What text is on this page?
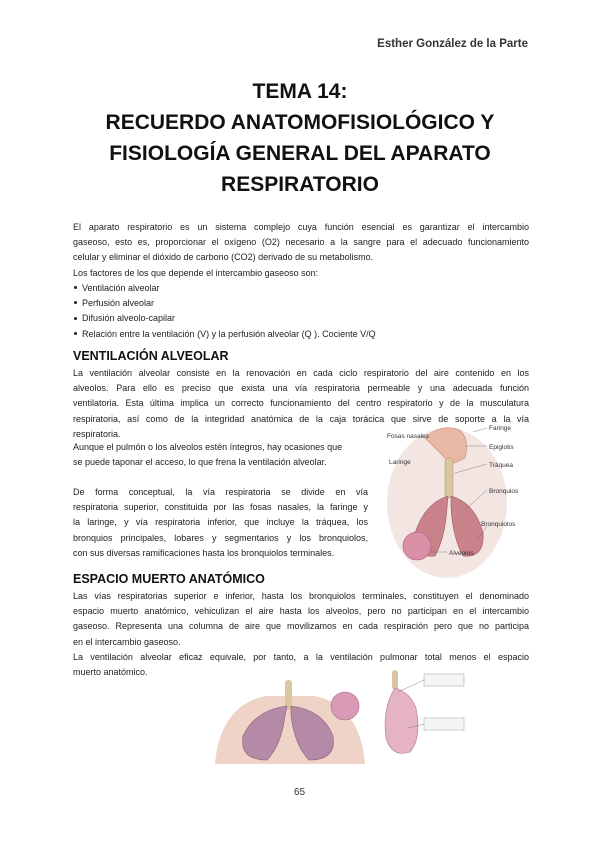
Esther González de la Parte
TEMA 14:
RECUERDO ANATOMOFISIOLÓGICO Y
FISIOLOGÍA GENERAL DEL APARATO
RESPIRATORIO
El aparato respiratorio es un sistema complejo cuya función esencial es garantizar el intercambio
gaseoso, esto es, proporcionar el oxígeno (O2) necesario a la sangre para el adecuado funcionamiento
celular y eliminar el dióxido de carbono (CO2) derivado de su metabolismo.
Los factores de los que depende el intercambio gaseoso son:
Ventilación alveolar
Perfusión alveolar
Difusión alveolo-capilar
Relación entre la ventilación (V) y la perfusión alveolar (Q ). Cociente V/Q
VENTILACIÓN ALVEOLAR
La ventilación alveolar consiste en la renovación en cada ciclo respiratorio del aire contenido en los
alveolos. Para ello es preciso que exista una vía respiratoria permeable y una adecuada función
ventilatoria. Esta última implica un correcto funcionamiento del centro respiratorio y de la musculatura
respiratoria, así como de la integridad anatómica de la caja torácica que sirve de soporte a la vía
respiratoria.
Aunque el pulmón o los alveolos estén íntegros, hay ocasiones que
se puede taponar el acceso, lo que frena la ventilación alveolar.
De forma conceptual, la vía respiratoria se divide en vía
respiratoria superior, constituida por las fosas nasales, la faringe y
la laringe, y vía respiratoria inferior, que incluye la tráquea, los
bronquios principales, lobares y segmentarios y los bronquiolos,
con sus diversas ramificaciones hasta los bronquiolos terminales.
Fosas nasales
Faringe
Epiglotis
Laringe	Tráquea
Bronquios
Bronquiolos
Alveolos
ESPACIO MUERTO ANATÓMICO
Las vías respiratorias superior e inferior, hasta los bronquiolos terminales, constituyen el denominado
espacio muerto anatómico, vehiculizan el aire hasta los alveolos, pero no participan en el intercambio
gaseoso. Representa una columna de aire que movilizamos en cada respiración pero que no participa
en el intercambio gaseoso.
La ventilación alveolar eficaz equivale, por tanto, a la ventilación pulmonar total menos el espacio
muerto anatómico.
65
